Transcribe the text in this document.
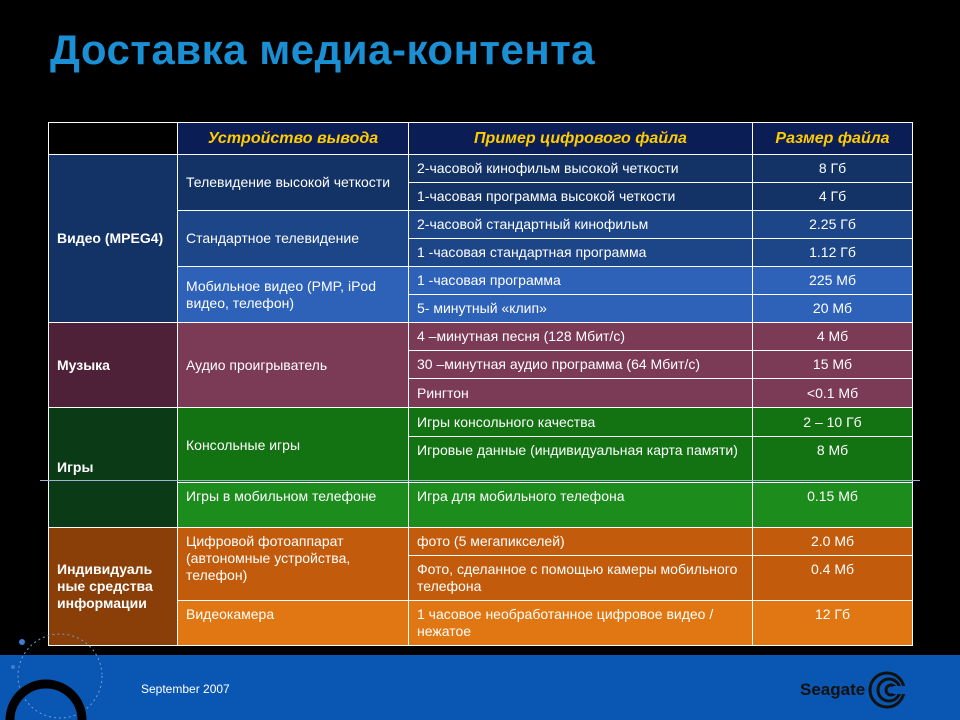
Доставка медиа-контента
	Устройство вывода	Пример цифрового файла	Размер файла
Видео (MPEG4)	Телевидение высокой четкости	2-часовой кинофильм высокой четкости	8 Гб
		1-часовая программа высокой четкости	4 Гб
	Стандартное телевидение	2-часовой стандартный кинофильм	2.25 Гб
		1 -часовая стандартная программа	1.12 Гб
	Мобильное видео (PMP, iPod видео, телефон)	1 -часовая программа	225 Мб
		5- минутный «клип»	20 Мб
Музыка	Аудио проигрыватель	4 –минутная песня (128 Мбит/с)	4 Мб
		30 –минутная аудио программа (64 Мбит/с)	15 Мб
		Рингтон	<0.1 Мб
Игры	Консольные игры	Игры консольного качества	2 – 10 Гб
		Игровые данные (индивидуальная карта памяти)	8 Мб
	Игры в мобильном телефоне	Игра для мобильного телефона	0.15 Мб
Индивидуаль ные средства информации	Цифровой фотоаппарат (автономные устройства, телефон)	фото (5 мегапикселей)	2.0 Мб
		Фото, сделанное с помощью камеры мобильного телефона	0.4 Мб
	Видеокамера	1 часовое необработанное цифровое видео / нежатое	12 Гб
September 2007	Seagate
